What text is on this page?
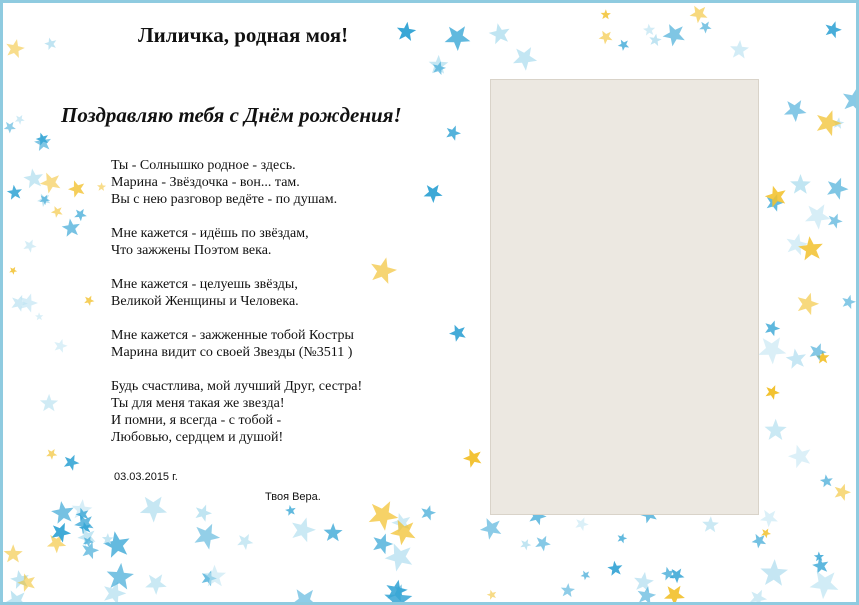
Лиличка, родная моя!
Поздравляю тебя с Днём рождения!
Ты - Солнышко родное - здесь.
Марина - Звёздочка - вон... там.
Вы с нею разговор ведёте - по душам.
Мне кажется - идёшь по звёздам,
Что зажжены Поэтом века.
Мне кажется - целуешь звёзды,
Великой Женщины и Человека.
Мне кажется - зажженные тобой Костры
Марина видит со своей Звезды (№3511 )
Будь счастлива, мой лучший Друг, сестра!
Ты для меня такая же звезда!
И помни, я всегда - с тобой -
Любовью, сердцем и душой!
03.03.2015 г.
Твоя Вера.
